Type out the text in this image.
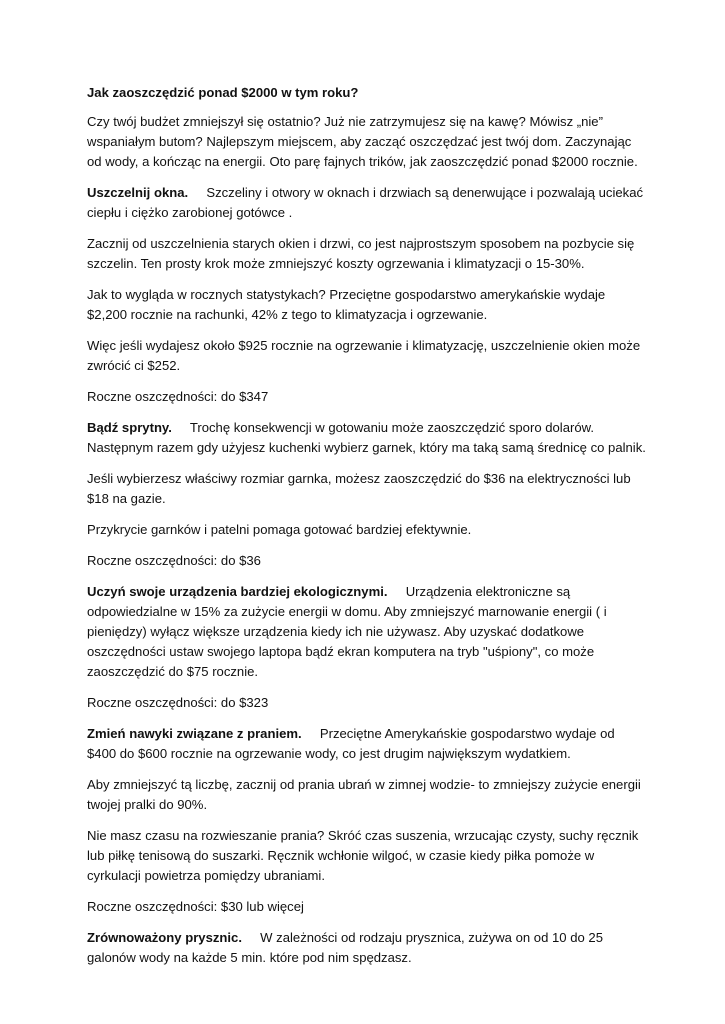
Jak zaoszczędzić ponad $2000 w tym roku?

Czy twój budżet zmniejszył się ostatnio? Już nie zatrzymujesz się na kawę? Mówisz „nie” wspaniałym butom? Najlepszym miejscem, aby zacząć oszczędzać jest twój dom. Zaczynając od wody, a kończąc na energii. Oto parę fajnych trików, jak zaoszczędzić ponad $2000 rocznie.

Uszczelnij okna. Szczeliny i otwory w oknach i drzwiach są denerwujące i pozwalają uciekać ciepłu i ciężko zarobionej gotówce .

Zacznij od uszczelnienia starych okien i drzwi, co jest najprostszym sposobem na pozbycie się szczelin. Ten prosty krok może zmniejszyć koszty ogrzewania i klimatyzacji o 15-30%.

Jak to wygląda w rocznych statystykach? Przeciętne gospodarstwo amerykańskie wydaje $2,200 rocznie na rachunki, 42% z tego to klimatyzacja i ogrzewanie.

Więc jeśli wydajesz około $925 rocznie na ogrzewanie i klimatyzację, uszczelnienie okien może zwrócić ci $252.

Roczne oszczędności: do $347

Bądź sprytny. Trochę konsekwencji w gotowaniu może zaoszczędzić sporo dolarów. Następnym razem gdy użyjesz kuchenki wybierz garnek, który ma taką samą średnicę co palnik.

Jeśli wybierzesz właściwy rozmiar garnka, możesz zaoszczędzić do $36 na elektryczności lub $18 na gazie.

Przykrycie garnków i patelni pomaga gotować bardziej efektywnie.

Roczne oszczędności: do $36

Uczyń swoje urządzenia bardziej ekologicznymi. Urządzenia elektroniczne są odpowiedzialne w 15% za zużycie energii w domu. Aby zmniejszyć marnowanie energii ( i pieniędzy) wyłącz większe urządzenia kiedy ich nie używasz. Aby uzyskać dodatkowe oszczędności ustaw swojego laptopa bądź ekran komputera na tryb "uśpiony", co może zaoszczędzić do $75 rocznie.

Roczne oszczędności: do $323

Zmień nawyki związane z praniem. Przeciętne Amerykańskie gospodarstwo wydaje od $400 do $600 rocznie na ogrzewanie wody, co jest drugim największym wydatkiem.

Aby zmniejszyć tą liczbę, zacznij od prania ubrań w zimnej wodzie- to zmniejszy zużycie energii twojej pralki do 90%.

Nie masz czasu na rozwieszanie prania? Skróć czas suszenia, wrzucając czysty, suchy ręcznik lub piłkę tenisową do suszarki. Ręcznik wchłonie wilgoć, w czasie kiedy piłka pomoże w cyrkulacji powietrza pomiędzy ubraniami.

Roczne oszczędności: $30 lub więcej

Zrównoważony prysznic. W zależności od rodzaju prysznica, zużywa on od 10 do 25 galonów wody na każde 5 min. które pod nim spędzasz.
